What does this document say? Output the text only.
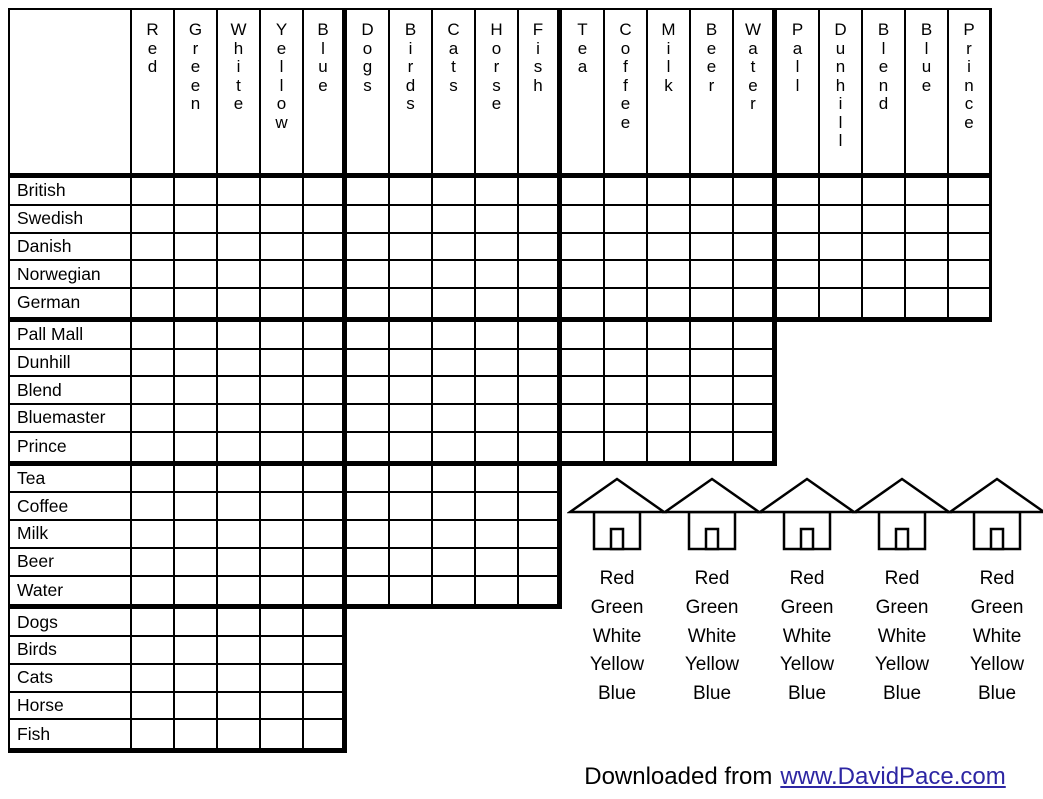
R
e
d
G
r
e
e
n
W
h
i
t
e
Y
e
l
l
o
w
B
l
u
e
D
o
g
s
B
i
r
d
s
C
a
t
s
H
o
r
s
e
F
i
s
h
T
e
a
C
o
f
f
e
e
M
i
l
k
B
e
e
r
W
a
t
e
r
P
a
l
l
D
u
n
h
i
l
l
B
l
e
n
d
B
l
u
e
P
r
i
n
c
e
Downloaded from www.DavidPace.com
British
Swedish
Danish
Norwegian
German
Pall Mall
Dunhill
Blend
Bluemaster
Prince
Tea
Coffee
Milk
Beer
Water
Dogs
Birds
Cats
Horse
Fish
Red
Green
White
Yellow
Blue
Red
Green
White
Yellow
Blue
Red
Green
White
Yellow
Blue
Red
Green
White
Yellow
Blue
Red
Green
White
Yellow
Blue
